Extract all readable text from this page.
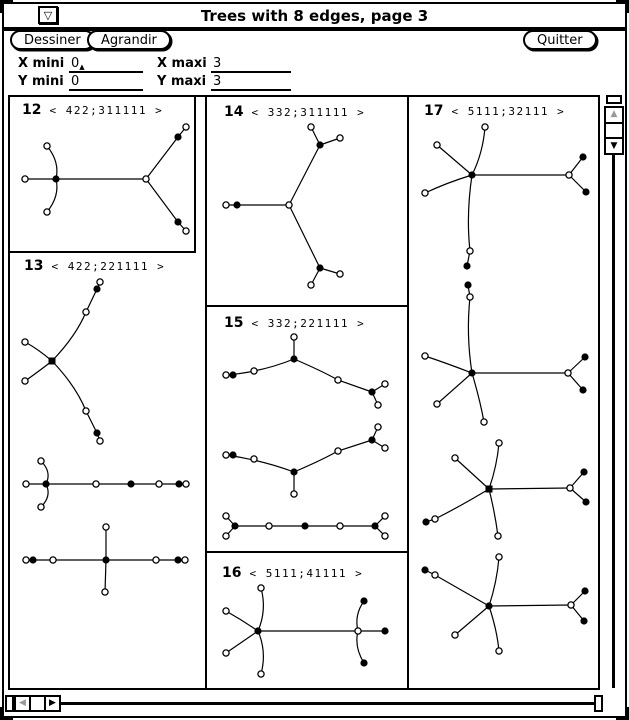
▽	Trees with 8 edges, page 3
Dessiner	Agrandir	Quitter
X mini 0▲	X maxi 3
Y mini 0	Y maxi 3
12 < 422;311111 >
13 < 422;221111 >
14 < 332;311111 >
15 < 332;221111 >
16 < 5111;41111 >
17 < 5111;32111 >	▲
▼
◀	▶
